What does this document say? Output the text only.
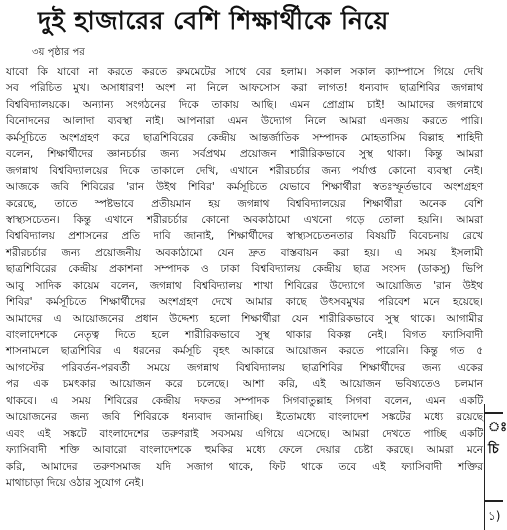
দুই হাজারের বেশি শিক্ষার্থীকে নিয়ে
৩য় পৃষ্ঠার পর
যাবো কি যাবো না করতে করতে রুমমেটের সাথে বের হলাম। সকাল সকাল ক্যাম্পাসে গিয়ে দেখি
সব পরিচিত মুখ। অসাধারণ! অংশ না নিলে আফসোস করা লাগত! ধন্যবাদ ছাত্রশিবির জগন্নাথ
বিশ্ববিদ্যালয়কে। অন্যান্য সংগঠনের দিকে তাকায় আছি। এমন প্রোগ্রাম চাই! আমাদের জগন্নাথে
বিনোদনের আলাদা ব্যবস্থা নাই। আপনারা এমন উদ্যোগ নিলে আমরা এনজয় করতে পারি।
কর্মসূচিতে অংশগ্রহণ করে ছাত্রশিবিরের কেন্দ্রীয় আন্তর্জাতিক সম্পাদক মোহতাসিম বিল্লাহ শাহিদী
বলেন, শিক্ষার্থীদের জ্ঞানচর্চার জন্য সর্বপ্রথম প্রয়োজন শারীরিকভাবে সুস্থ থাকা। কিন্তু আমরা
জগন্নাথ বিশ্ববিদ্যালয়ের দিকে তাকালে দেখি, এখানে শরীরচর্চার জন্য পর্যাপ্ত কোনো ব্যবস্থা নেই।
আজকে জবি শিবিরের 'রান উইথ শিবির' কর্মসূচিতে যেভাবে শিক্ষার্থীরা স্বতঃস্ফূর্তভাবে অংশগ্রহণ
করেছে, তাতে স্পষ্টভাবে প্রতীয়মান হয় জগন্নাথ বিশ্ববিদ্যালয়ের শিক্ষার্থীরা অনেক বেশি
স্বাস্থ্যসচেতন। কিন্তু এখানে শরীরচর্চার কোনো অবকাঠামো এখনো গড়ে তোলা হয়নি। আমরা
বিশ্ববিদ্যালয় প্রশাসনের প্রতি দাবি জানাই, শিক্ষার্থীদের স্বাস্থ্যসচেতনতার বিষয়টি বিবেচনায় রেখে
শরীরচর্চার জন্য প্রয়োজনীয় অবকাঠামো যেন দ্রুত বাস্তবায়ন করা হয়। এ সময় ইসলামী
ছাত্রশিবিরের কেন্দ্রীয় প্রকাশনা সম্পাদক ও ঢাকা বিশ্ববিদ্যালয় কেন্দ্রীয় ছাত্র সংসদ (ডাকসু) ভিপি
আবু সাদিক কায়েম বলেন, জগন্নাথ বিশ্ববিদ্যালয় শাখা শিবিরের উদ্যোগে আয়োজিত 'রান উইথ
শিবির' কর্মসূচিতে শিক্ষার্থীদের অংশগ্রহণ দেখে আমার কাছে উৎসবমুখর পরিবেশ মনে হয়েছে।
আমাদের এ আয়োজনের প্রধান উদ্দেশ্য হলো শিক্ষার্থীরা যেন শারীরিকভাবে সুস্থ থাকে। আগামীর
বাংলাদেশকে নেতৃত্ব দিতে হলে শারীরিকভাবে সুস্থ থাকার বিকল্প নেই। বিগত ফ্যাসিবাদী
শাসনামলে ছাত্রশিবির এ ধরনের কর্মসূচি বৃহৎ আকারে আয়োজন করতে পারেনি। কিন্তু গত ৫
আগস্টের পরিবর্তন-পরবর্তী সময়ে জগন্নাথ বিশ্ববিদ্যালয় ছাত্রশিবির শিক্ষার্থীদের জন্য একের
পর এক চমৎকার আয়োজন করে চলেছে। আশা করি, এই আয়োজন ভবিষ্যতেও চলমান
থাকবে। এ সময় শিবিরের কেন্দ্রীয় দফতর সম্পাদক সিগবাতুল্লাহ সিগবা বলেন, এমন একটি
আয়োজনের জন্য জবি শিবিরকে ধন্যবাদ জানাচ্ছি। ইতোমধ্যে বাংলাদেশ সঙ্কটের মধ্যে রয়েছে
এবং এই সঙ্কটে বাংলাদেশের তরুণরাই সবসময় এগিয়ে এসেছে। আমরা দেখতে পাচ্ছি একটি
ফ্যাসিবাদী শক্তি আবারো বাংলাদেশকে হুমকির মধ্যে ফেলে দেয়ার চেষ্টা করছে। আমরা মনে
করি, আমাদের তরুণসমাজ যদি সজাগ থাকে, ফিট থাকে তবে এই ফ্যাসিবাদী শক্তির
মাথাচাড়া দিয়ে ওঠার সুযোগ নেই।
ঃ
চি
১)
